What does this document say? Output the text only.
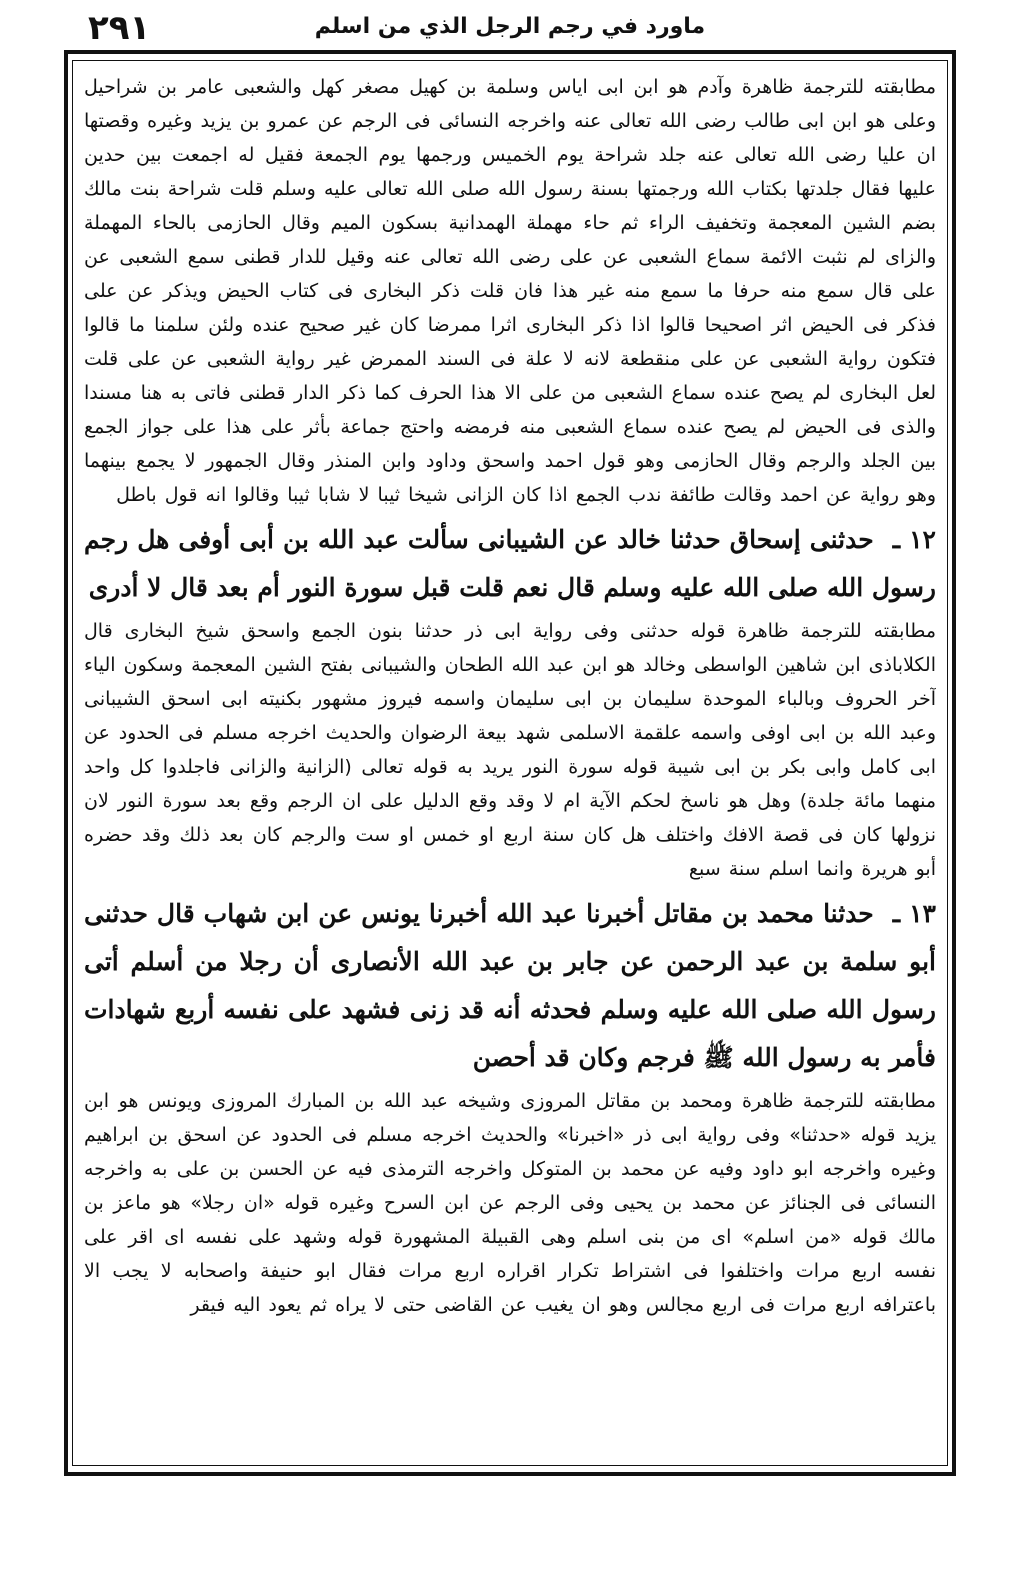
٢٩١	ماورد في رجم الرجل الذي من اسلم

مطابقته للترجمة ظاهرة وآدم هو ابن ابى اياس وسلمة بن كهيل مصغر كهل والشعبى عامر بن شراحيل وعلى هو ابن ابى طالب رضى الله تعالى عنه واخرجه النسائى فى الرجم عن عمرو بن يزيد وغيره وقصتها ان عليا رضى الله تعالى عنه جلد شراحة يوم الخميس ورجمها يوم الجمعة فقيل له اجمعت بين حدين عليها فقال جلدتها بكتاب الله ورجمتها بسنة رسول الله صلى الله تعالى عليه وسلم قلت شراحة بنت مالك بضم الشين المعجمة وتخفيف الراء ثم حاء مهملة الهمدانية بسكون الميم وقال الحازمى بالحاء المهملة والزاى لم نثبت الائمة سماع الشعبى عن على رضى الله تعالى عنه وقيل للدار قطنى سمع الشعبى عن على قال سمع منه حرفا ما سمع منه غير هذا فان قلت ذكر البخارى فى كتاب الحيض ويذكر عن على فذكر فى الحيض اثر اصحيحا قالوا اذا ذكر البخارى اثرا ممرضا كان غير صحيح عنده ولئن سلمنا ما قالوا فتكون رواية الشعبى عن على منقطعة لانه لا علة فى السند الممرض غير رواية الشعبى عن على قلت لعل البخارى لم يصح عنده سماع الشعبى من على الا هذا الحرف كما ذكر الدار قطنى فاتى به هنا مسندا والذى فى الحيض لم يصح عنده سماع الشعبى منه فرمضه واحتج جماعة بأثر على هذا على جواز الجمع بين الجلد والرجم وقال الحازمى وهو قول احمد واسحق وداود وابن المنذر وقال الجمهور لا يجمع بينهما وهو رواية عن احمد وقالت طائفة ندب الجمع اذا كان الزانى شيخا ثيبا لا شابا ثيبا وقالوا انه قول باطل

١٢ ـ حدثنى إسحاق حدثنا خالد عن الشيبانى سألت عبد الله بن أبى أوفى هل رجم رسول الله صلى الله عليه وسلم قال نعم قلت قبل سورة النور أم بعد قال لا أدرى

مطابقته للترجمة ظاهرة قوله حدثنى وفى رواية ابى ذر حدثنا بنون الجمع واسحق شيخ البخارى قال الكلاباذى ابن شاهين الواسطى وخالد هو ابن عبد الله الطحان والشيبانى بفتح الشين المعجمة وسكون الياء آخر الحروف وبالباء الموحدة سليمان بن ابى سليمان واسمه فيروز مشهور بكنيته ابى اسحق الشيبانى وعبد الله بن ابى اوفى واسمه علقمة الاسلمى شهد بيعة الرضوان والحديث اخرجه مسلم فى الحدود عن ابى كامل وابى بكر بن ابى شيبة قوله سورة النور يريد به قوله تعالى (الزانية والزانى فاجلدوا كل واحد منهما مائة جلدة) وهل هو ناسخ لحكم الآية ام لا وقد وقع الدليل على ان الرجم وقع بعد سورة النور لان نزولها كان فى قصة الافك واختلف هل كان سنة اربع او خمس او ست والرجم كان بعد ذلك وقد حضره أبو هريرة وانما اسلم سنة سبع

١٣ ـ حدثنا محمد بن مقاتل أخبرنا عبد الله أخبرنا يونس عن ابن شهاب قال حدثنى أبو سلمة بن عبد الرحمن عن جابر بن عبد الله الأنصارى أن رجلا من أسلم أتى رسول الله صلى الله عليه وسلم فحدثه أنه قد زنى فشهد على نفسه أربع شهادات فأمر به رسول الله ﷺ فرجم وكان قد أحصن

مطابقته للترجمة ظاهرة ومحمد بن مقاتل المروزى وشيخه عبد الله بن المبارك المروزى ويونس هو ابن يزيد قوله «حدثنا» وفى رواية ابى ذر «اخبرنا» والحديث اخرجه مسلم فى الحدود عن اسحق بن ابراهيم وغيره واخرجه ابو داود وفيه عن محمد بن المتوكل واخرجه الترمذى فيه عن الحسن بن على به واخرجه النسائى فى الجنائز عن محمد بن يحيى وفى الرجم عن ابن السرح وغيره قوله «ان رجلا» هو ماعز بن مالك قوله «من اسلم» اى من بنى اسلم وهى القبيلة المشهورة قوله وشهد على نفسه اى اقر على نفسه اربع مرات واختلفوا فى اشتراط تكرار اقراره اربع مرات فقال ابو حنيفة واصحابه لا يجب الا باعترافه اربع مرات فى اربع مجالس وهو ان يغيب عن القاضى حتى لا يراه ثم يعود اليه فيقر
